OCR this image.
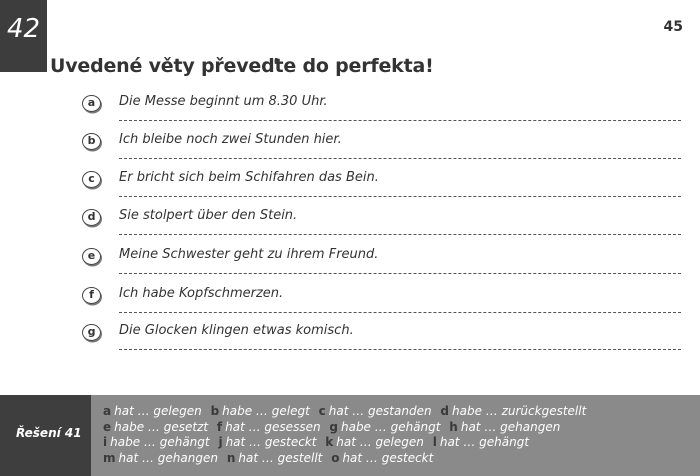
42	45
Uvedené věty převeďte do perfekta!
a	Die Messe beginnt um 8.30 Uhr.
b	Ich bleibe noch zwei Stunden hier.
c	Er bricht sich beim Schifahren das Bein.
d	Sie stolpert über den Stein.
e	Meine Schwester geht zu ihrem Freund.
f	Ich habe Kopfschmerzen.
g	Die Glocken klingen etwas komisch.
Řešení 41
a hat … gelegen b habe … gelegt c hat … gestanden d habe … zurückgestellt
e habe … gesetzt f hat … gesessen g habe … gehängt h hat … gehangen
i habe … gehängt j hat … gesteckt k hat … gelegen l hat … gehängt
m hat … gehangen n hat … gestellt o hat … gesteckt
